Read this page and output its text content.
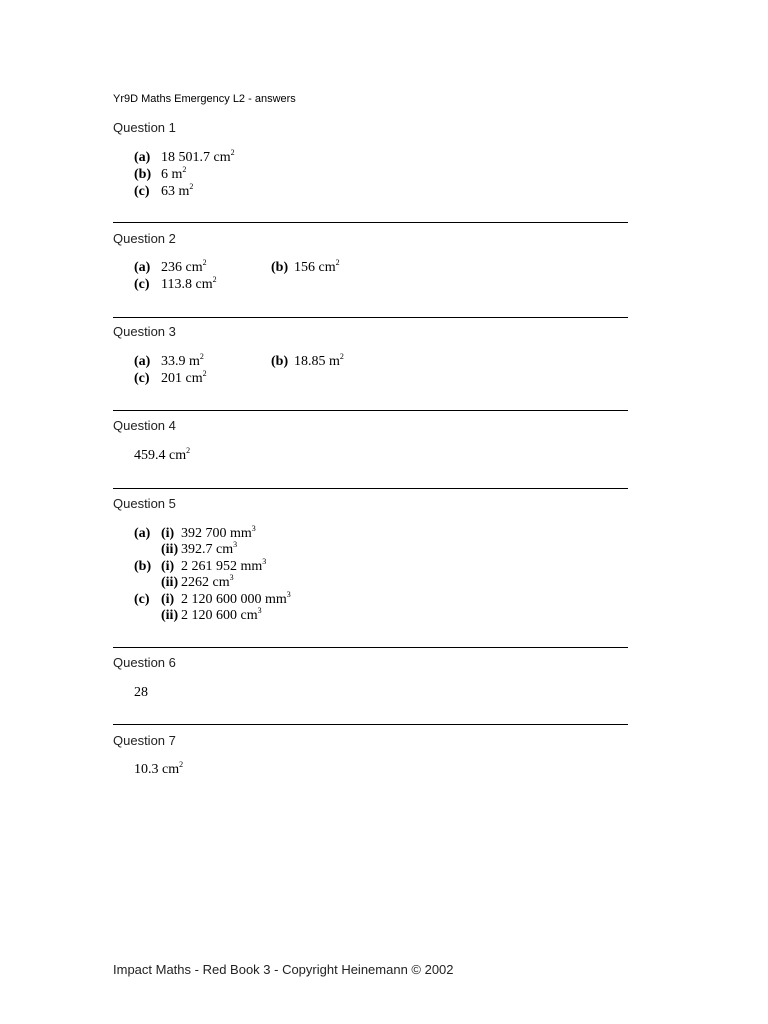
Yr9D Maths Emergency L2 - answers
Question 1
(a) 18 501.7 $cm^2$
(b) 6 $m^2$
(c) 63 $m^2$
Question 2
(a) 236 $cm^2$	(b) 156 $cm^2$
(c) 113.8 $cm^2$
Question 3
(a) 33.9 $m^2$	(b) 18.85 $m^2$
(c) 201 $cm^2$
Question 4
459.4 $cm^2$
Question 5
(a) (i) 392 700 $mm^3$
(ii) 392.7 $cm^3$
(b) (i) 2 261 952 $mm^3$
(ii) 2262 $cm^3$
(c) (i) 2 120 600 000 $mm^3$
(ii) 2 120 600 $cm^3$
Question 6
28
Question 7
10.3 $cm^2$
Impact Maths - Red Book 3 - Copyright Heinemann © 2002
